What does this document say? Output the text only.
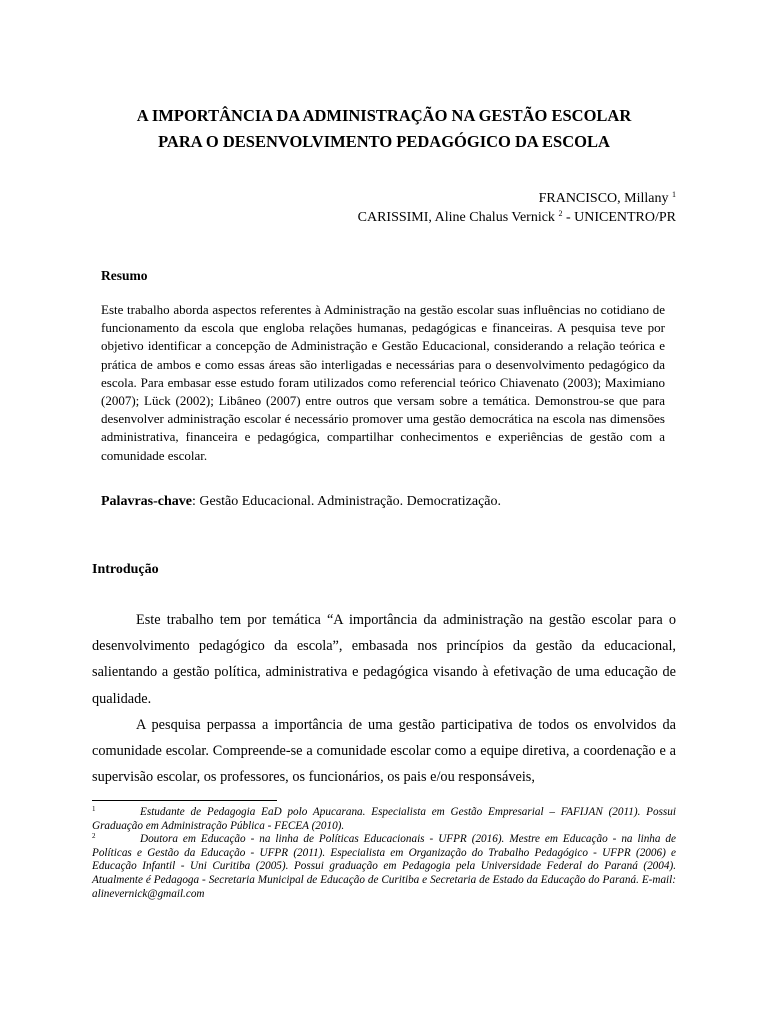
A IMPORTÂNCIA DA ADMINISTRAÇÃO NA GESTÃO ESCOLAR
PARA O DESENVOLVIMENTO PEDAGÓGICO DA ESCOLA
FRANCISCO, Millany $^1$
CARISSIMI, Aline Chalus Vernick $^2$ - UNICENTRO/PR
Resumo

Este trabalho aborda aspectos referentes à Administração na gestão escolar suas influências no cotidiano de funcionamento da escola que engloba relações humanas, pedagógicas e financeiras. A pesquisa teve por objetivo identificar a concepção de Administração e Gestão Educacional, considerando a relação teórica e prática de ambos e como essas áreas são interligadas e necessárias para o desenvolvimento pedagógico da escola. Para embasar esse estudo foram utilizados como referencial teórico Chiavenato (2003); Maximiano (2007); Lück (2002); Libâneo (2007) entre outros que versam sobre a temática. Demonstrou-se que para desenvolver administração escolar é necessário promover uma gestão democrática na escola nas dimensões administrativa, financeira e pedagógica, compartilhar conhecimentos e experiências de gestão com a comunidade escolar.

Palavras-chave: Gestão Educacional. Administração. Democratização.
Introdução

Este trabalho tem por temática “A importância da administração na gestão escolar para o desenvolvimento pedagógico da escola”, embasada nos princípios da gestão da educacional, salientando a gestão política, administrativa e pedagógica visando à efetivação de uma educação de qualidade.

A pesquisa perpassa a importância de uma gestão participativa de todos os envolvidos da comunidade escolar. Compreende-se a comunidade escolar como a equipe diretiva, a coordenação e a supervisão escolar, os professores, os funcionários, os pais e/ou responsáveis,

1	Estudante de Pedagogia EaD polo Apucarana. Especialista em Gestão Empresarial – FAFIJAN (2011). Possui Graduação em Administração Pública - FECEA (2010).

2	Doutora em Educação - na linha de Políticas Educacionais - UFPR (2016). Mestre em Educação - na linha de Políticas e Gestão da Educação - UFPR (2011). Especialista em Organização do Trabalho Pedagógico - UFPR (2006) e Educação Infantil - Uni Curitiba (2005). Possui graduação em Pedagogia pela Universidade Federal do Paraná (2004). Atualmente é Pedagoga - Secretaria Municipal de Educação de Curitiba e Secretaria de Estado da Educação do Paraná. E-mail: alinevernick@gmail.com
